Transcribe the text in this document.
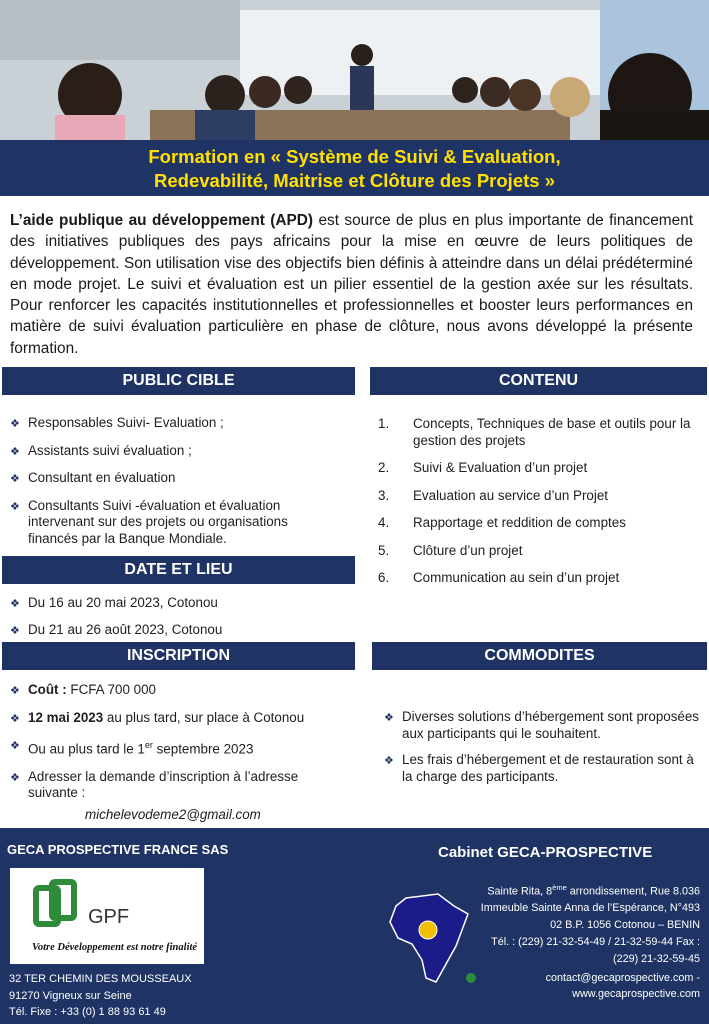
Formation en « Système de Suivi & Evaluation,
Redevabilité, Maitrise et Clôture des Projets »
L’aide publique au développement (APD) est source de plus en plus importante de financement des initiatives publiques des pays africains pour la mise en œuvre de leurs politiques de développement. Son utilisation vise des objectifs bien définis à atteindre dans un délai prédéterminé en mode projet. Le suivi et évaluation est un pilier essentiel de la gestion axée sur les résultats. Pour renforcer les capacités institutionnelles et professionnelles et booster leurs performances en matière de suivi évaluation particulière en phase de clôture, nous avons développé la présente formation.
PUBLIC CIBLE
❖ Responsables Suivi- Evaluation ;
❖ Assistants suivi évaluation ;
❖ Consultant en évaluation
❖ Consultants Suivi -évaluation et évaluation intervenant sur des projets ou organisations financés par la Banque Mondiale.
CONTENU
1. Concepts, Techniques de base et outils pour la gestion des projets
2. Suivi & Evaluation d’un projet
3. Evaluation au service d’un Projet
4. Rapportage et reddition de comptes
5. Clôture d’un projet
6. Communication au sein d’un projet
DATE ET LIEU
❖ Du 16 au 20 mai 2023, Cotonou
❖ Du 21 au 26 août 2023, Cotonou
INSCRIPTION
❖ Coût : FCFA 700 000
❖ 12 mai 2023 au plus tard, sur place à Cotonou
❖ Ou au plus tard le 1er septembre 2023
❖ Adresser la demande d’inscription à l’adresse suivante :
michelevodeme2@gmail.com
COMMODITES
❖ Diverses solutions d’hébergement sont proposées aux participants qui le souhaitent.
❖ Les frais d’hébergement et de restauration sont à la charge des participants.
GECA PROSPECTIVE FRANCE SAS	Cabinet GECA-PROSPECTIVE
GPF
Votre Développement est notre finalité
32 TER CHEMIN DES MOUSSEAUX
91270 Vigneux sur Seine
Tél. Fixe : +33 (0) 1 88 93 61 49
Sainte Rita, 8ème arrondissement, Rue 8.036
Immeuble Sainte Anna de l’Espérance, N°493
02 B.P. 1056 Cotonou – BENIN
Tél. : (229) 21-32-54-49 / 21-32-59-44 Fax :
(229) 21-32-59-45
contact@gecaprospective.com -
www.gecaprospective.com
